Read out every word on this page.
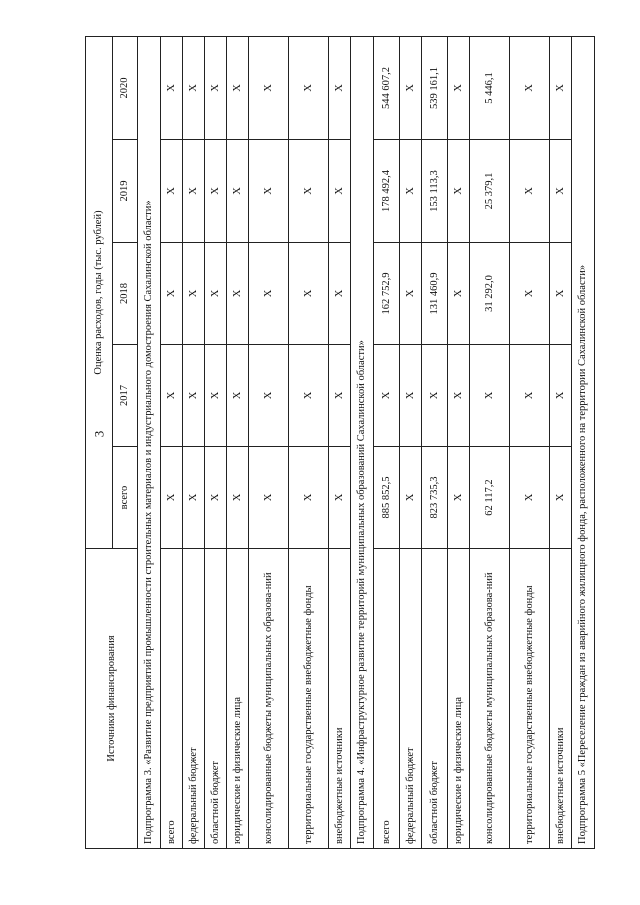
3
Источники финансирования	Оценка расходов, годы (тыс. рублей)				
	всего	2017	2018	2019	2020
Подпрограмма 3. «Развитие предприятий промышленности строительных материалов и индустриального домостроения Сахалинской области»					
всего	Х	Х	Х	Х	Х
федеральный бюджет	Х	Х	Х	Х	Х
областной бюджет	Х	Х	Х	Х	Х
юридические и физические лица	Х	Х	Х	Х	Х
консолидированные бюджеты муниципальных образова-ний	Х	Х	Х	Х	Х
территориальные государственные внебюджетные фонды	Х	Х	Х	Х	Х
внебюджетные источники	Х	Х	Х	Х	Х
Подпрограмма 4. «Инфраструктурное развитие территорий муниципальных образований Сахалинской области»					
всего	885 852,5	Х	162 752,9	178 492,4	544 607,2
федеральный бюджет	Х	Х	Х	Х	Х
областной бюджет	823 735,3	Х	131 460,9	153 113,3	539 161,1
юридические и физические лица	Х	Х	Х	Х	Х
консолидированные бюджеты муниципальных образова-ний	62 117,2	Х	31 292,0	25 379,1	5 446,1
территориальные государственные внебюджетные фонды	Х	Х	Х	Х	Х
внебюджетные источники	Х	Х	Х	Х	Х
Подпрограмма 5 «Переселение граждан из аварийного жилищного фонда, расположенного на территории Сахалинской области»					
